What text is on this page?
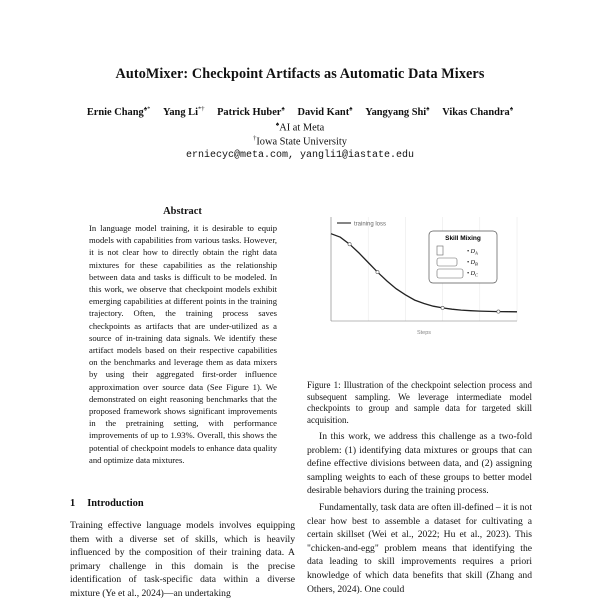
AutoMixer: Checkpoint Artifacts as Automatic Data Mixers
Ernie Chang♠* Yang Li*† Patrick Huber♠ David Kant♠ Yangyang Shi♠ Vikas Chandra♠
♠AI at Meta
†Iowa State University
erniecyc@meta.com, yangli1@iastate.edu
Abstract
In language model training, it is desirable to equip models with capabilities from various tasks. However, it is not clear how to directly obtain the right data mixtures for these capabilities as the relationship between data and tasks is difficult to be modeled. In this work, we observe that checkpoint models exhibit emerging capabilities at different points in the training trajectory. Often, the training process saves checkpoints as artifacts that are under-utilized as a source of in-training data signals. We identify these artifact models based on their respective capabilities on the benchmarks and leverage them as data mixers by using their aggregated first-order influence approximation over source data (See Figure 1). We demonstrated on eight reasoning benchmarks that the proposed framework shows significant improvements in the pretraining setting, with performance improvements of up to 1.93%. Overall, this shows the potential of checkpoint models to enhance data quality and optimize data mixtures.
1 Introduction
Training effective language models involves equipping them with a diverse set of skills, which is heavily influenced by the composition of their training data. A primary challenge in this domain is the precise identification of task-specific data within a diverse mixture (Ye et al., 2024)—an undertaking
training loss
Skill Mixing
• $D_A$
• $D_B$
• $D_C$
Steps
Figure 1: Illustration of the checkpoint selection process and subsequent sampling. We leverage intermediate model checkpoints to group and sample data for targeted skill acquisition.

In this work, we address this challenge as a two-fold problem: (1) identifying data mixtures or groups that can define effective divisions between data, and (2) assigning sampling weights to each of these groups to better model desirable behaviors during the training process.

Fundamentally, task data are often ill-defined – it is not clear how best to assemble a dataset for cultivating a certain skillset (Wei et al., 2022; Hu et al., 2023). This "chicken-and-egg" problem means that identifying the data leading to skill improvements requires a priori knowledge of which data benefits that skill (Zhang and Others, 2024). One could
